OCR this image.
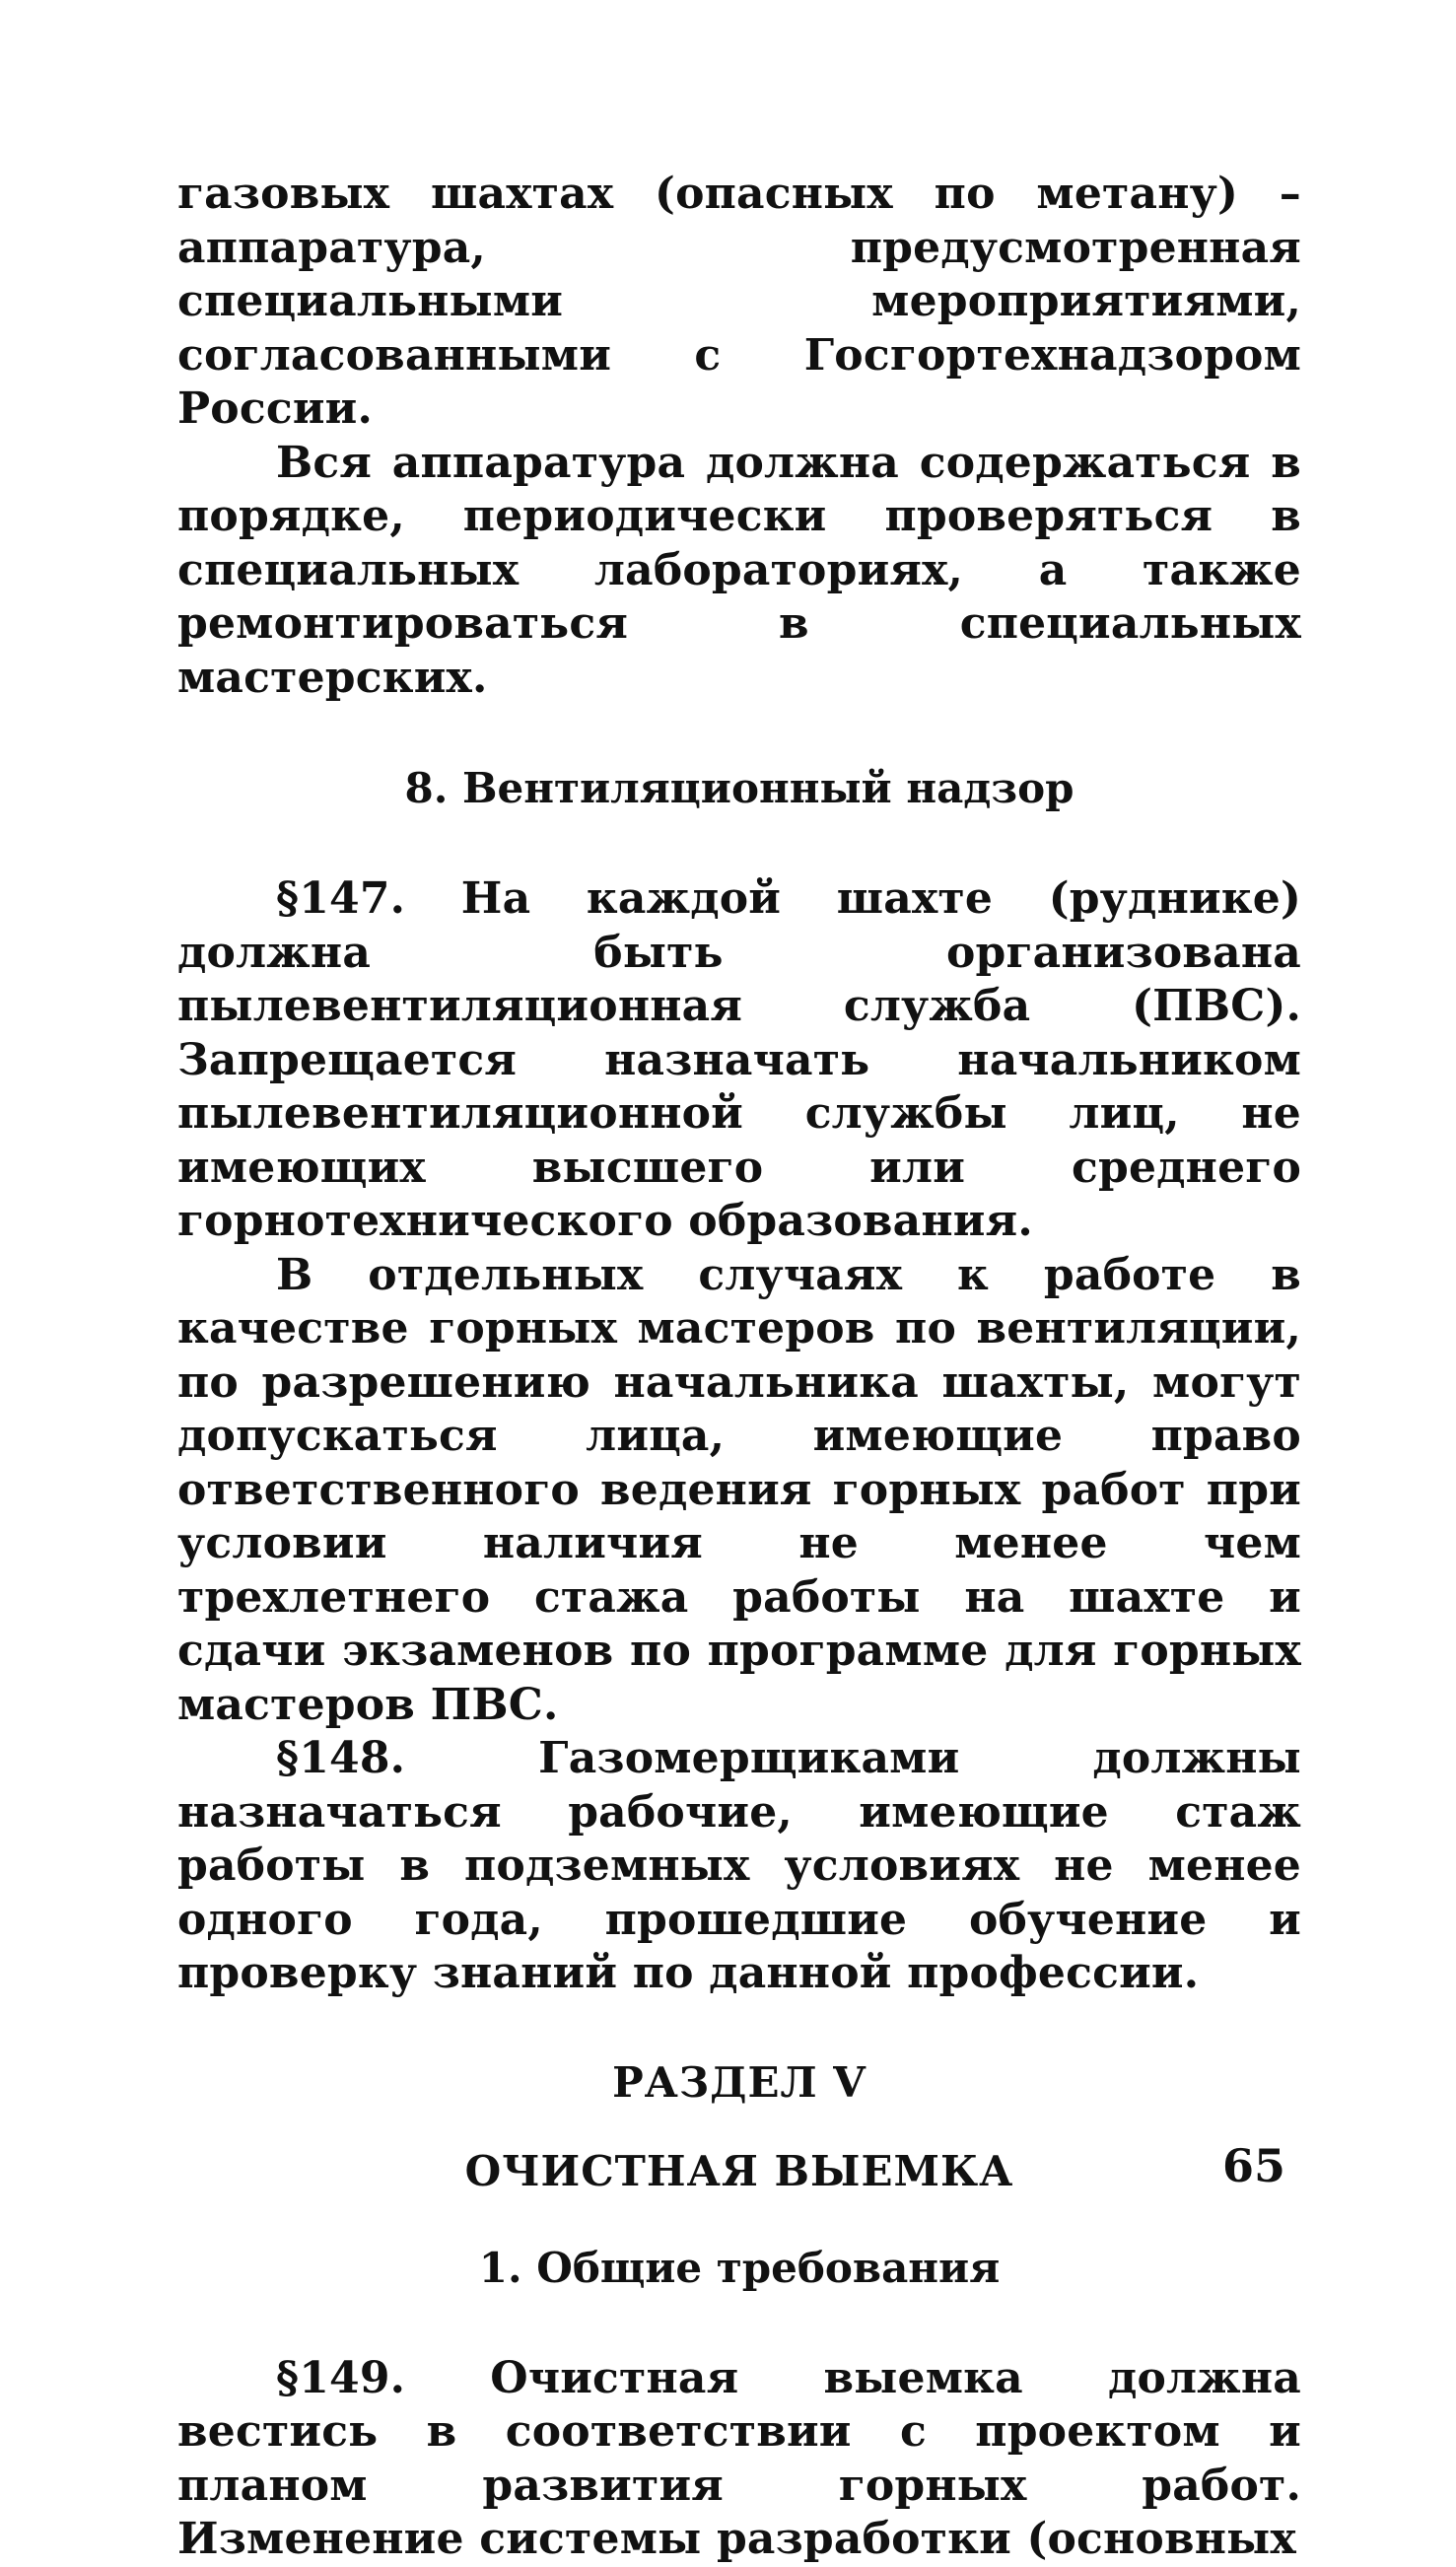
газовых шахтах (опасных по метану) – аппаратура, предусмотренная специальными мероприятиями, согласованными с Госгортехнадзором России.

Вся аппаратура должна содержаться в порядке, периодически проверяться в специальных лабораториях, а также ремонтироваться в специальных мастерских.

8. Вентиляционный надзор

§147. На каждой шахте (руднике) должна быть организована пылевентиляционная служба (ПВС). Запрещается назначать начальником пылевентиляционной службы лиц, не имеющих высшего или среднего горнотехнического образования.

В отдельных случаях к работе в качестве горных мастеров по вентиляции, по разрешению начальника шахты, могут допускаться лица, имеющие право ответственного ведения горных работ при условии наличия не менее чем трехлетнего стажа работы на шахте и сдачи экзаменов по программе для горных мастеров ПВС.

§148. Газомерщиками должны назначаться рабочие, имеющие стаж работы в подземных условиях не менее одного года, прошедшие обучение и проверку знаний по данной профессии.

РАЗДЕЛ V
ОЧИСТНАЯ ВЫЕМКА
1. Общие требования

§149. Очистная выемка должна вестись в соответствии с проектом и планом развития горных работ. Изменение системы разработки (основных

65
